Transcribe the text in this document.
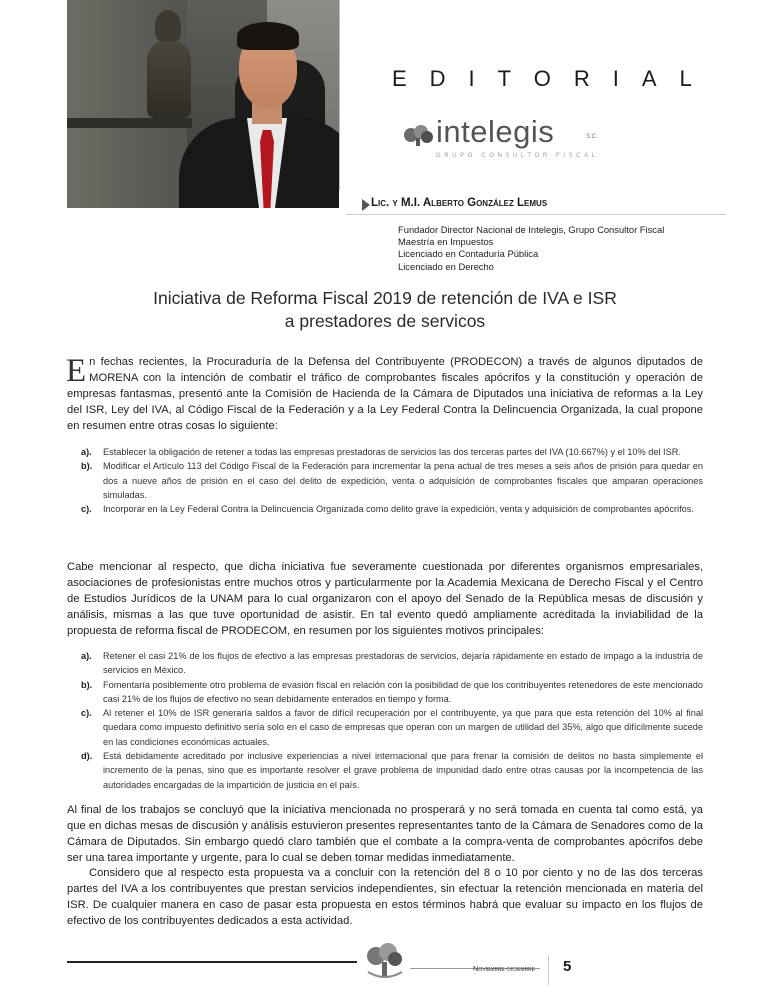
EDITORIAL
intelegis	S.C.
GRUPO CONSULTOR FISCAL
Lic. y M.I. Alberto González Lemus
Fundador Director Nacional de Intelegis, Grupo Consultor Fiscal
Maestría en Impuestos
Licenciado en Contaduría Pública
Licenciado en Derecho
Iniciativa de Reforma Fiscal 2019 de retención de IVA e ISR
a prestadores de servicos
En fechas recientes, la Procuraduría de la Defensa del Contribuyente (PRODECON) a través de algunos diputados de MORENA con la intención de combatir el tráfico de comprobantes fiscales apócrifos y la constitución y operación de empresas fantasmas, presentó ante la Comisión de Hacienda de la Cámara de Diputados una iniciativa de reformas a la Ley del ISR, Ley del IVA, al Código Fiscal de la Federación y a la Ley Federal Contra la Delincuencia Organizada, la cual propone en resumen entre otras cosas lo siguiente:
a). Establecer la obligación de retener a todas las empresas prestadoras de servicios las dos terceras partes del IVA (10.667%) y el 10% del ISR.
b). Modificar el Artículo 113 del Código Fiscal de la Federación para incrementar la pena actual de tres meses a seis años de prisión para quedar en dos a nueve años de prisión en el caso del delito de expedición, venta o adquisición de comprobantes fiscales que amparan operaciones simuladas.
c). Incorporar en la Ley Federal Contra la Delincuencia Organizada como delito grave la expedición, venta y adquisición de comprobantes apócrifos.
Cabe mencionar al respecto, que dicha iniciativa fue severamente cuestionada por diferentes organismos empresariales, asociaciones de profesionistas entre muchos otros y particularmente por la Academia Mexicana de Derecho Fiscal y el Centro de Estudios Jurídicos de la UNAM para lo cual organizaron con el apoyo del Senado de la República mesas de discusión y análisis, mismas a las que tuve oportunidad de asistir. En tal evento quedó ampliamente acreditada la inviabilidad de la propuesta de reforma fiscal de PRODECOM, en resumen por los siguientes motivos principales:
a). Retener el casi 21% de los flujos de efectivo a las empresas prestadoras de servicios, dejaría rápidamente en estado de impago a la industria de servicios en México.
b). Fomentaría posiblemente otro problema de evasión fiscal en relación con la posibilidad de que los contribuyentes retenedores de este mencionado casi 21% de los flujos de efectivo no sean debidamente enterados en tiempo y forma.
c). Al retener el 10% de ISR generaría saldos a favor de difícil recuperación por el contribuyente, ya que para que esta retención del 10% al final quedara como impuesto definitivo sería solo en el caso de empresas que operan con un margen de utilidad del 35%, algo que difícilmente sucede en las condiciones económicas actuales.
d). Está debidamente acreditado por inclusive experiencias a nivel internacional que para frenar la comisión de delitos no basta simplemente el incremento de la penas, sino que es importante resolver el grave problema de impunidad dado entre otras causas por la incompetencia de las autoridades encargadas de la impartición de justicia en el país.
Al final de los trabajos se concluyó que la iniciativa mencionada no prosperará y no será tomada en cuenta tal como está, ya que en dichas mesas de discusión y análisis estuvieron presentes representantes tanto de la Cámara de Senadores como de la Cámara de Diputados. Sin embargo quedó claro también que el combate a la compra-venta de comprobantes apócrifos debe ser una tarea importante y urgente, para lo cual se deben tomar medidas inmediatamente.
Considero que al respecto esta propuesta va a concluir con la retención del 8 o 10 por ciento y no de las dos terceras partes del IVA a los contribuyentes que prestan servicios independientes, sin efectuar la retención mencionada en materia del ISR. De cualquier manera en caso de pasar esta propuesta en estos términos habrá que evaluar su impacto en los flujos de efectivo de los contribuyentes dedicados a esta actividad.
Noviembre-diciembre 5
